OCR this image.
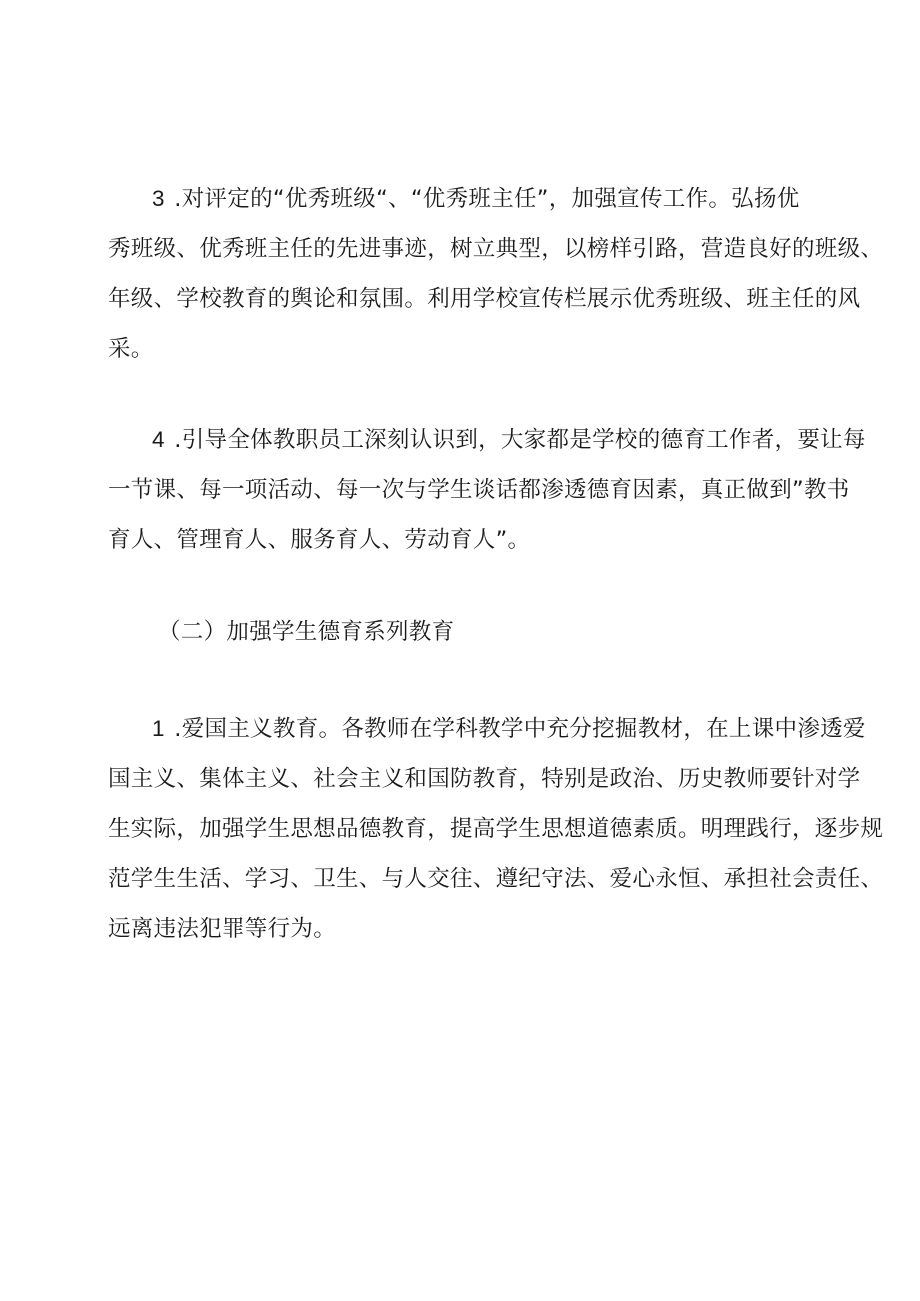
3 .对评定的“优秀班级“、“优秀班主任”，加强宣传工作。弘扬优
秀班级、优秀班主任的先进事迹，树立典型，以榜样引路，营造良好的班级、
年级、学校教育的舆论和氛围。利用学校宣传栏展示优秀班级、班主任的风
采。
4 .引导全体教职员工深刻认识到，大家都是学校的德育工作者，要让每
一节课、每一项活动、每一次与学生谈话都渗透德育因素，真正做到”教书
育人、管理育人、服务育人、劳动育人”。
（二）加强学生德育系列教育
1 .爱国主义教育。各教师在学科教学中充分挖掘教材，在上课中渗透爱
国主义、集体主义、社会主义和国防教育，特别是政治、历史教师要针对学
生实际，加强学生思想品德教育，提高学生思想道德素质。明理践行，逐步规
范学生生活、学习、卫生、与人交往、遵纪守法、爱心永恒、承担社会责任、
远离违法犯罪等行为。
